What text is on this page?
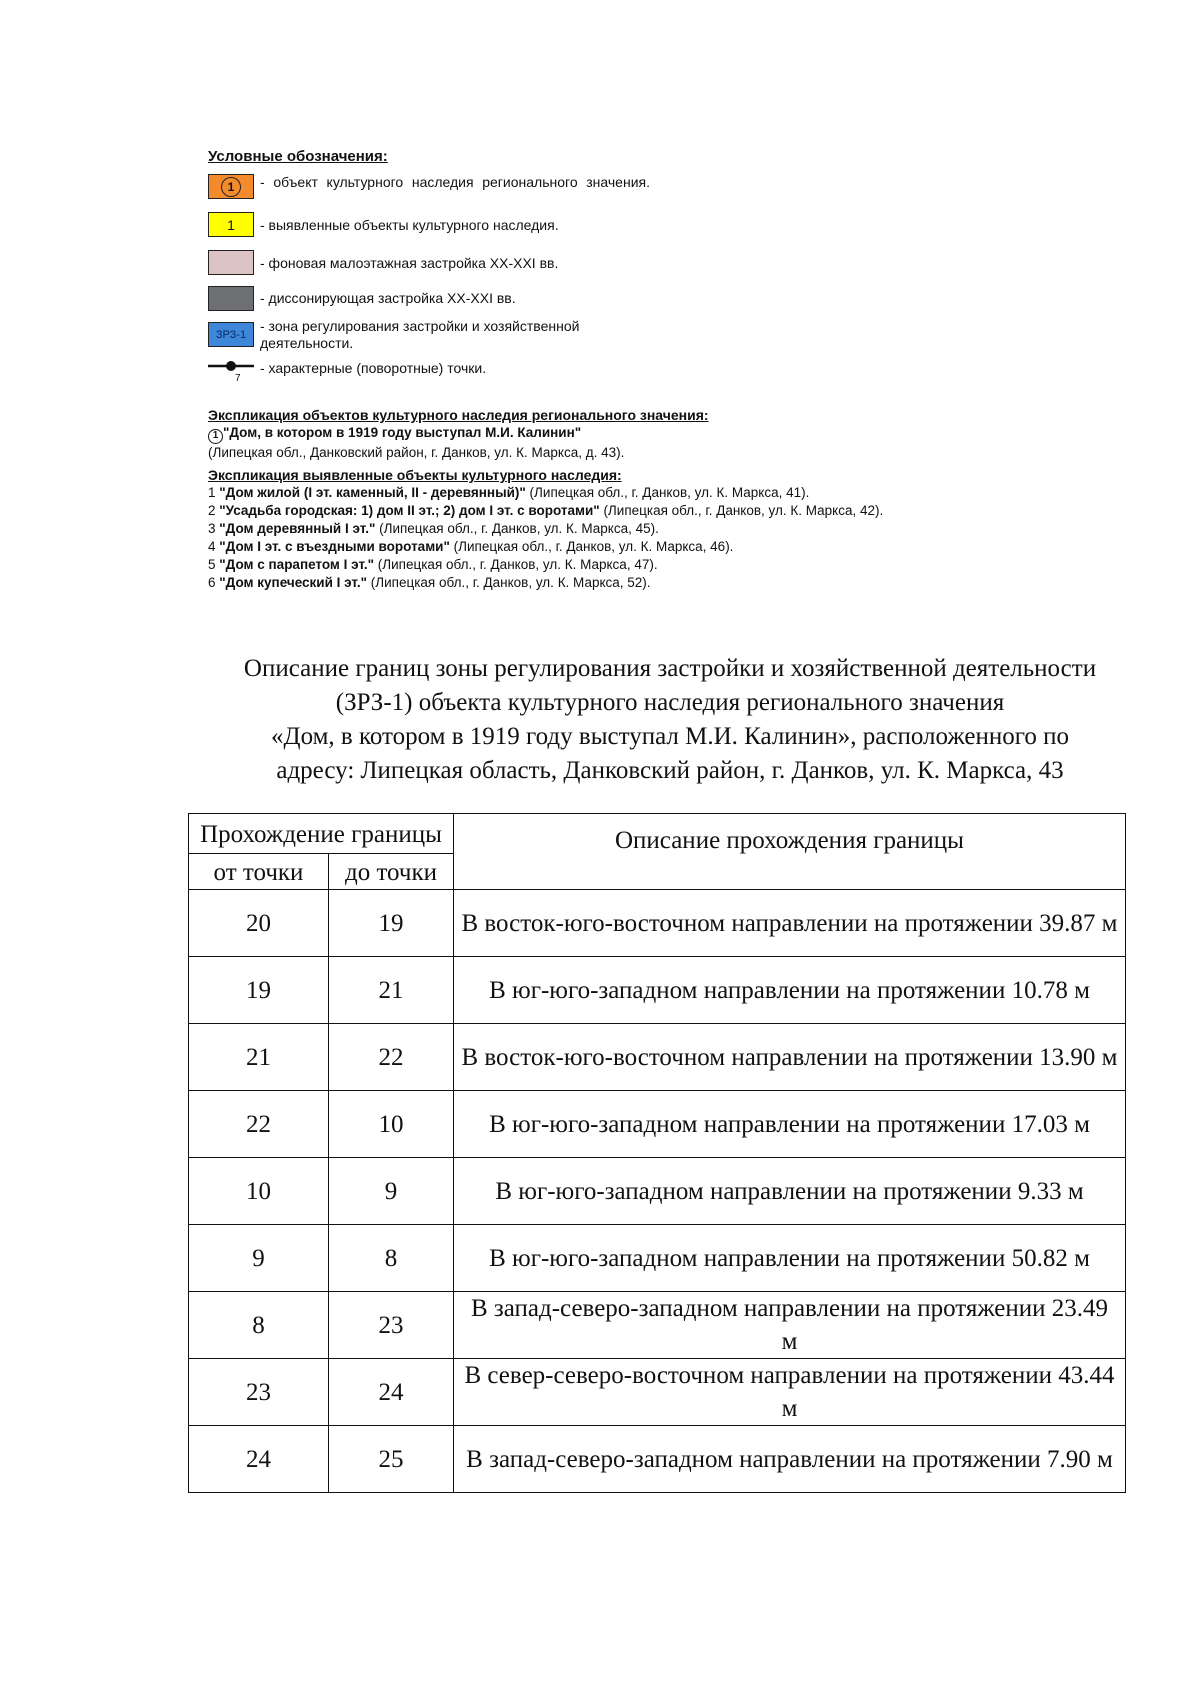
Условные обозначения:
1	- объект культурного наследия регионального значения.
1	- выявленные объекты культурного наследия.
- фоновая малоэтажная застройка XX-XXI вв.
- диссонирующая застройка XX-XXI вв.
ЗРЗ-1
- зона регулирования застройки и хозяйственной деятельности.
7
- характерные (поворотные) точки.
Экспликация объектов культурного наследия регионального значения:
1 "Дом, в котором в 1919 году выступал М.И. Калинин"
(Липецкая обл., Данковский район, г. Данков, ул. К. Маркса, д. 43).
Экспликация выявленные объекты культурного наследия:
1 "Дом жилой (I эт. каменный, II - деревянный)" (Липецкая обл., г. Данков, ул. К. Маркса, 41).
2 "Усадьба городская: 1) дом II эт.; 2) дом I эт. с воротами" (Липецкая обл., г. Данков, ул. К. Маркса, 42).
3 "Дом деревянный I эт." (Липецкая обл., г. Данков, ул. К. Маркса, 45).
4 "Дом I эт. с въездными воротами" (Липецкая обл., г. Данков, ул. К. Маркса, 46).
5 "Дом с парапетом I эт." (Липецкая обл., г. Данков, ул. К. Маркса, 47).
6 "Дом купеческий I эт." (Липецкая обл., г. Данков, ул. К. Маркса, 52).
Описание границ зоны регулирования застройки и хозяйственной деятельности
(ЗРЗ-1) объекта культурного наследия регионального значения
«Дом, в котором в 1919 году выступал М.И. Калинин», расположенного по
адресу: Липецкая область, Данковский район, г. Данков, ул. К. Маркса, 43
Прохождение границы		Описание прохождения границы
от точки	до точки	
20	19	В восток-юго-восточном направлении на протяжении 39.87 м
19	21	В юг-юго-западном направлении на протяжении 10.78 м
21	22	В восток-юго-восточном направлении на протяжении 13.90 м
22	10	В юг-юго-западном направлении на протяжении 17.03 м
10	9	В юг-юго-западном направлении на протяжении 9.33 м
9	8	В юг-юго-западном направлении на протяжении 50.82 м
8	23	В запад-северо-западном направлении на протяжении 23.49 м
23	24	В север-северо-восточном направлении на протяжении 43.44 м
24	25	В запад-северо-западном направлении на протяжении 7.90 м
